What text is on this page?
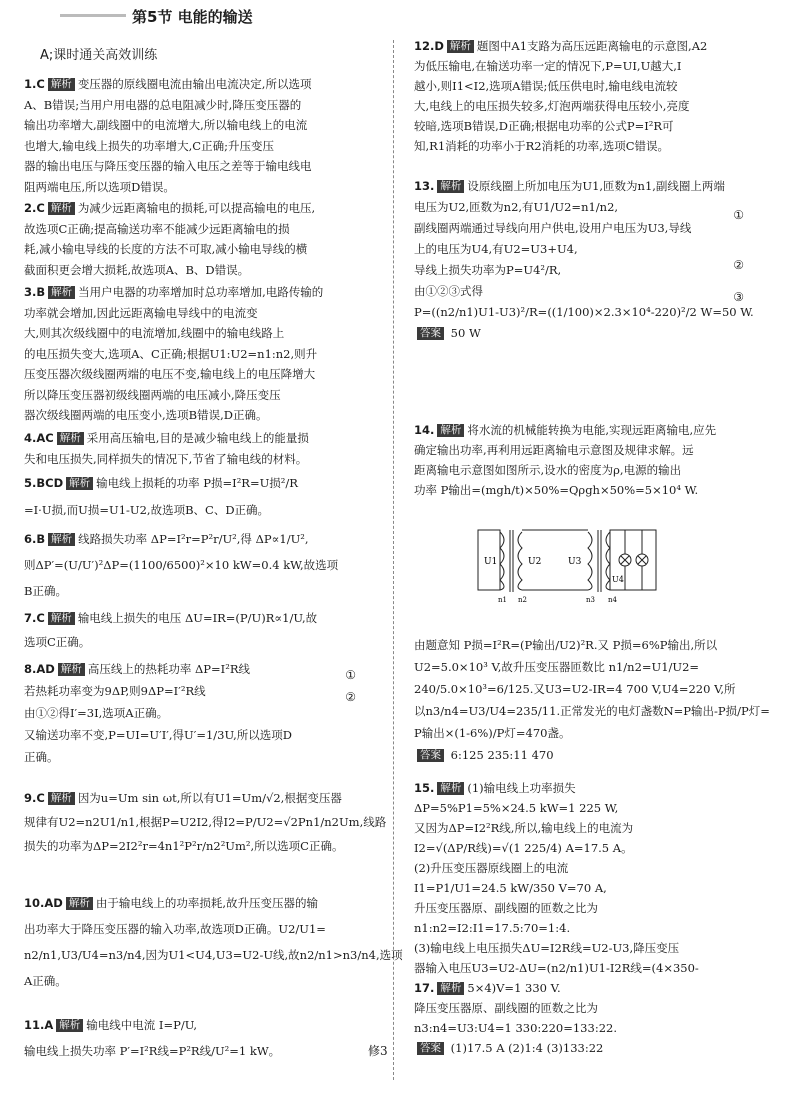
第5节 电能的输送
A;课时通关高效训练
1.C 解析 变压器的原线圈电流由输出电流决定,所以选项
A、B错误;当用户用电器的总电阻减少时,降压变压器的
输出功率增大,副线圈中的电流增大,所以输电线上的电流
也增大,输电线上损失的功率增大,C正确;升压变压
器的输出电压与降压变压器的输入电压之差等于输电线电
阻两端电压,所以选项D错误。
2.C 解析 为减少远距离输电的损耗,可以提高输电的电压,
故选项C正确;提高输送功率不能减少远距离输电的损
耗,减小输电导线的长度的方法不可取,减小输电导线的横
截面积更会增大损耗,故选项A、B、D错误。
3.B 解析 当用户电器的功率增加时总功率增加,电路传输的
功率就会增加,因此远距离输电导线中的电流变
大,则其次级线圈中的电流增加,线圈中的输电线路上
的电压损失变大,选项A、C正确;根据U1:U2=n1:n2,则升
压变压器次级线圈两端的电压不变,输电线上的电压降增大
所以降压变压器初级线圈两端的电压减小,降压变压
器次级线圈两端的电压变小,选项B错误,D正确。
4.AC 解析 采用高压输电,目的是减少输电线上的能量损
失和电压损失,同样损失的情况下,节省了输电线的材料。
5.BCD 解析 输电线上损耗的功率 P损=I²R=U损²/R
=I·U损,而U损=U1-U2,故选项B、C、D正确。
6.B 解析 线路损失功率 ΔP=I²r=P²r/U²,得 ΔP∝1/U²,
则ΔP′=(U/U′)²ΔP=(1100/6500)²×10 kW=0.4 kW,故选项
B正确。
7.C 解析 输电线上损失的电压 ΔU=IR=(P/U)R∝1/U,故
选项C正确。
8.AD 解析 高压线上的热耗功率 ΔP=I²R线
若热耗功率变为9ΔP,则9ΔP=I′²R线
由①②得I′=3I,选项A正确。
又输送功率不变,P=UI=U′I′,得U′=1/3U,所以选项D
正确。
9.C 解析 因为u=Um sin ωt,所以有U1=Um/√2,根据变压器
规律有U2=n2U1/n1,根据P=U2I2,得I2=P/U2=√2Pn1/n2Um,线路
损失的功率为ΔP=2I2²r=4n1²P²r/n2²Um²,所以选项C正确。
10.AD 解析 由于输电线上的功率损耗,故升压变压器的输
出功率大于降压变压器的输入功率,故选项D正确。U2/U1=
n2/n1,U3/U4=n3/n4,因为U1<U4,U3=U2-U线,故n2/n1>n3/n4,选项
A正确。
11.A 解析 输电线中电流 I=P/U,
输电线上损失功率 P′=I²R线=P²R线/U²=1 kW。
①
②
12.D 解析 题图中A1支路为高压远距离输电的示意图,A2
为低压输电,在输送功率一定的情况下,P=UI,U越大,I
越小,则I1<I2,选项A错误;低压供电时,输电线电流较
大,电线上的电压损失较多,灯泡两端获得电压较小,亮度
较暗,选项B错误,D正确;根据电功率的公式P=I²R可
知,R1消耗的功率小于R2消耗的功率,选项C错误。
13. 解析 设原线圈上所加电压为U1,匝数为n1,副线圈上两端
电压为U2,匝数为n2,有U1/U2=n1/n2,
副线圈两端通过导线向用户供电,设用户电压为U3,导线
上的电压为U4,有U2=U3+U4,
导线上损失功率为P=U4²/R,
由①②③式得
P=((n2/n1)U1-U3)²/R=((1/100)×2.3×10⁴-220)²/2 W=50 W.
答案 50 W
14. 解析 将水流的机械能转换为电能,实现远距离输电,应先
确定输出功率,再利用远距离输电示意图及规律求解。远
距离输电示意图如图所示,设水的密度为ρ,电源的输出
功率 P输出=(mgh/t)×50%=Qρgh×50%=5×10⁴ W.
由题意知 P损=I²R=(P输出/U2)²R.又 P损=6%P输出,所以
U2=5.0×10³ V,故升压变压器匝数比 n1/n2=U1/U2=
240/5.0×10³=6/125.又U3=U2-IR=4 700 V,U4=220 V,所
以n3/n4=U3/U4=235/11.正常发光的电灯盏数N=P输出-P损/P灯=
P输出×(1-6%)/P灯=470盏。
答案 6:125 235:11 470
15. 解析 (1)输电线上功率损失
ΔP=5%P1=5%×24.5 kW=1 225 W,
又因为ΔP=I2²R线,所以,输电线上的电流为
I2=√(ΔP/R线)=√(1 225/4) A=17.5 A。
(2)升压变压器原线圈上的电流
I1=P1/U1=24.5 kW/350 V=70 A,
升压变压器原、副线圈的匝数之比为
n1:n2=I2:I1=17.5:70=1:4.
(3)输电线上电压损失ΔU=I2R线=U2-U3,降压变压
器输入电压U3=U2-ΔU=(n2/n1)U1-I2R线=(4×350-
17. 解析 5×4)V=1 330 V.
降压变压器原、副线圈的匝数之比为
n3:n4=U3:U4=1 330:220=133:22.
答案 (1)17.5 A (2)1:4 (3)133:22
①
②
③
U1	U2	U3
U4
n1 n2	n3 n4
修3
